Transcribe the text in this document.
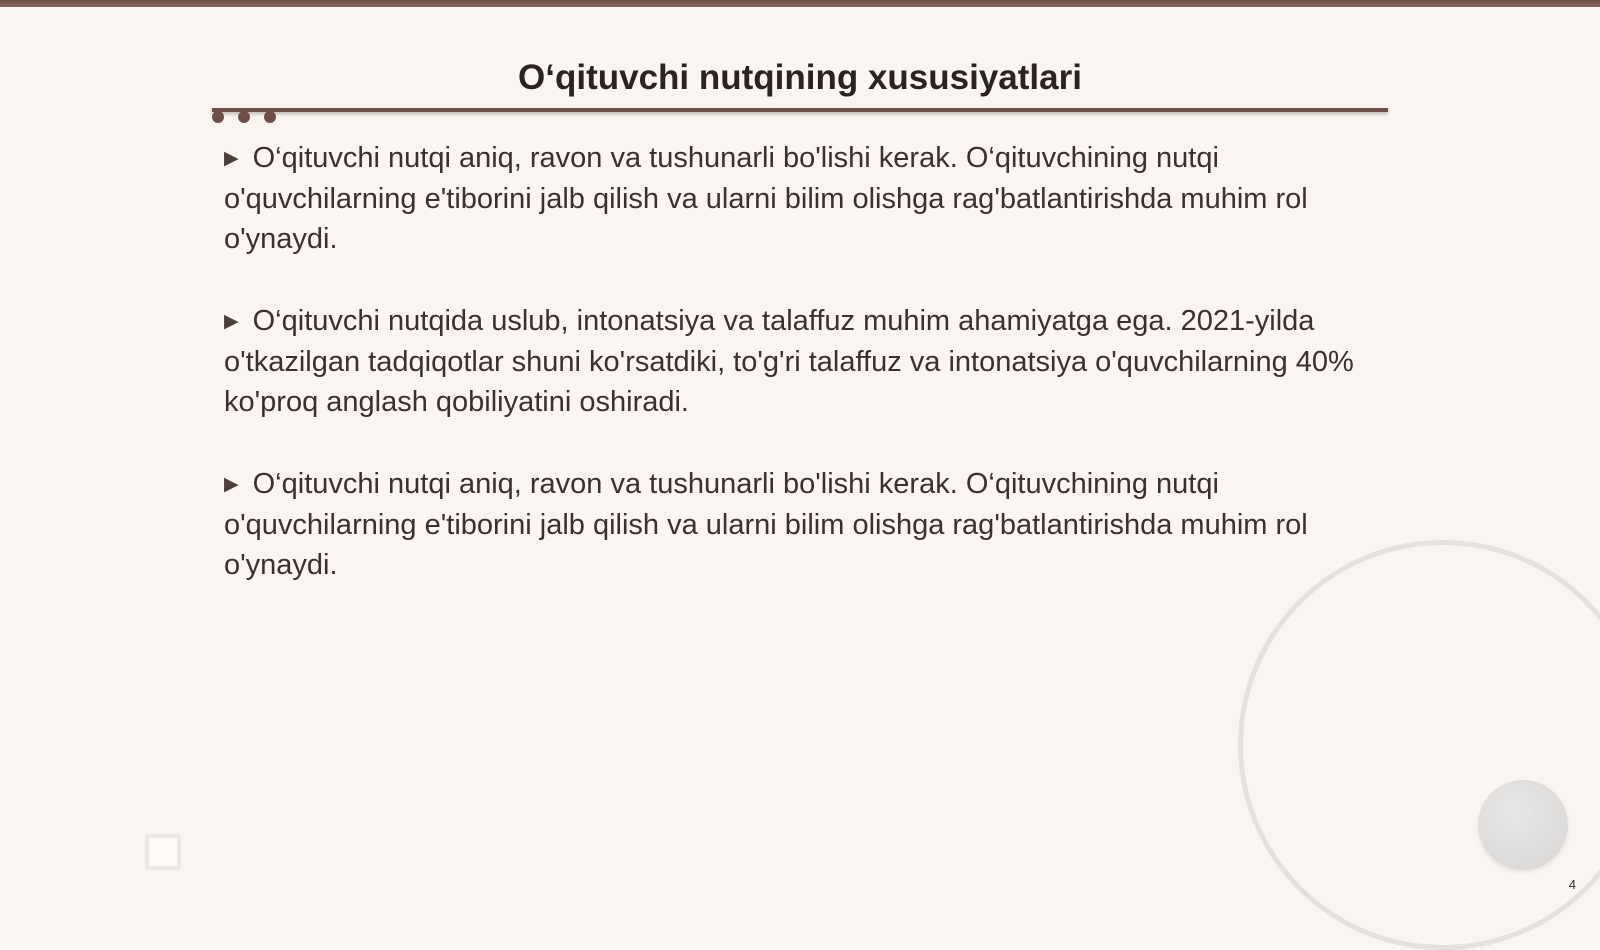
O‘qituvchi nutqining xususiyatlari

▶ O‘qituvchi nutqi aniq, ravon va tushunarli bo'lishi kerak. O‘qituvchining nutqi o'quvchilarning e'tiborini jalb qilish va ularni bilim olishga rag'batlantirishda muhim rol o'ynaydi.

▶ O‘qituvchi nutqida uslub, intonatsiya va talaffuz muhim ahamiyatga ega. 2021-yilda o'tkazilgan tadqiqotlar shuni ko'rsatdiki, to'g'ri talaffuz va intonatsiya o'quvchilarning 40% ko'proq anglash qobiliyatini oshiradi.

▶ O‘qituvchi nutqi aniq, ravon va tushunarli bo'lishi kerak. O‘qituvchining nutqi o'quvchilarning e'tiborini jalb qilish va ularni bilim olishga rag'batlantirishda muhim rol o'ynaydi.

4
